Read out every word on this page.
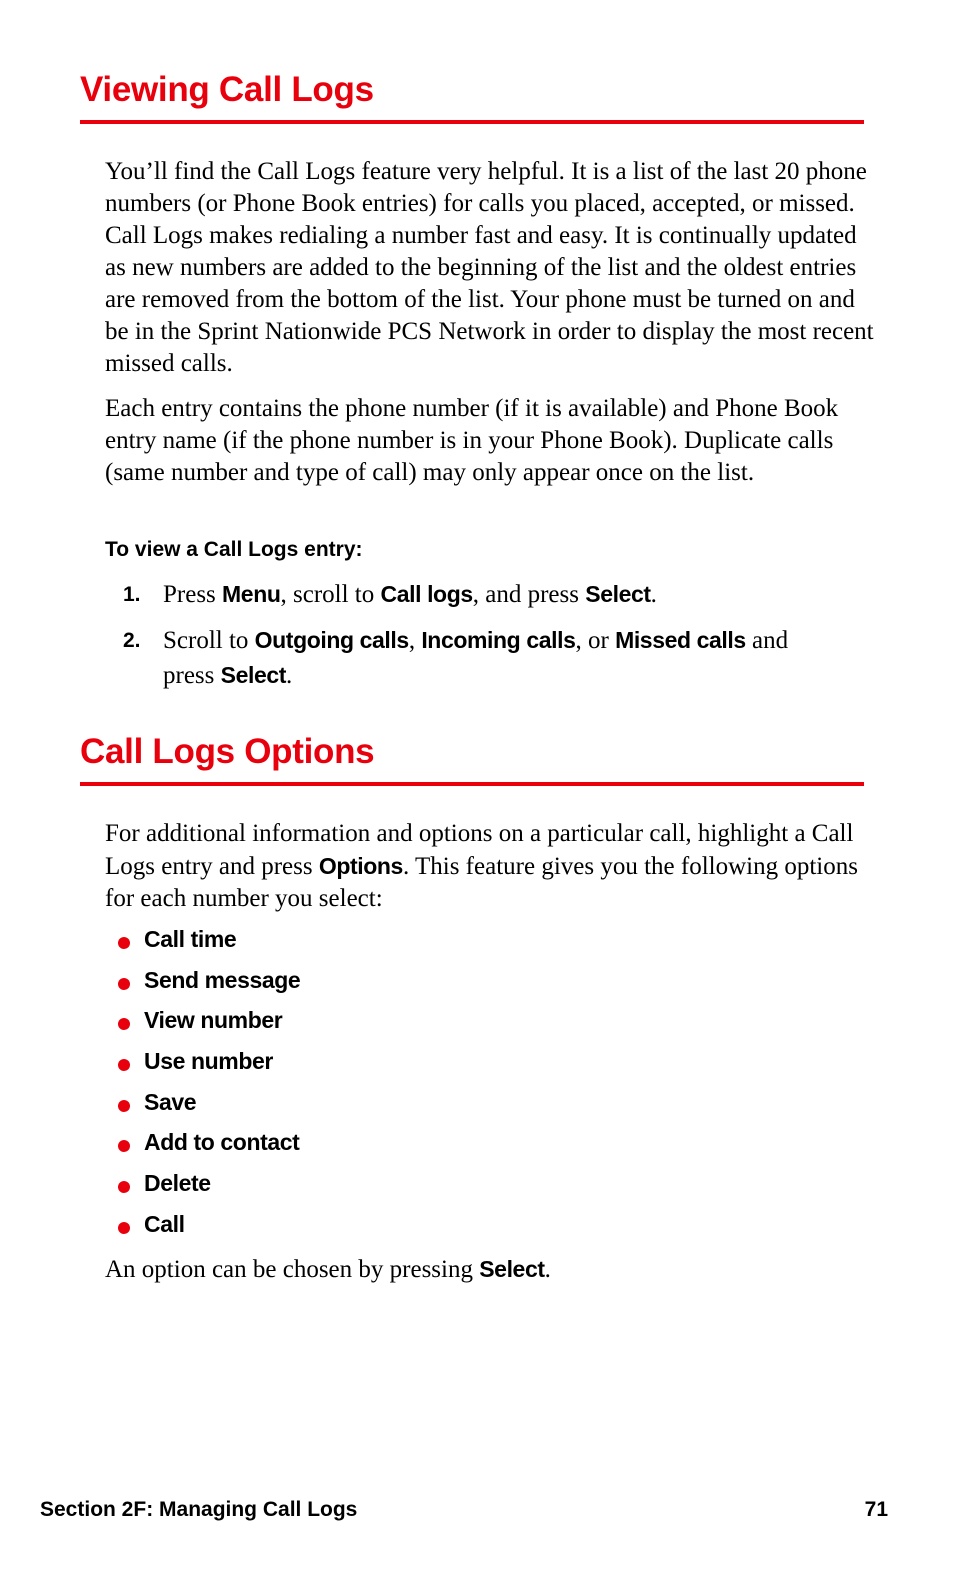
Viewing Call Logs

You’ll find the Call Logs feature very helpful. It is a list of the last 20 phone numbers (or Phone Book entries) for calls you placed, accepted, or missed. Call Logs makes redialing a number fast and easy. It is continually updated as new numbers are added to the beginning of the list and the oldest entries are removed from the bottom of the list. Your phone must be turned on and be in the Sprint Nationwide PCS Network in order to display the most recent missed calls.

Each entry contains the phone number (if it is available) and Phone Book entry name (if the phone number is in your Phone Book). Duplicate calls (same number and type of call) may only appear once on the list.

To view a Call Logs entry:
1. Press Menu, scroll to Call logs, and press Select.
2. Scroll to Outgoing calls, Incoming calls, or Missed calls and
press Select.
Call Logs Options

For additional information and options on a particular call, highlight a Call Logs entry and press Options. This feature gives you the following options for each number you select:

Call time
Send message
View number
Use number
Save
Add to contact
Delete
Call

An option can be chosen by pressing Select.

Section 2F: Managing Call Logs	71
